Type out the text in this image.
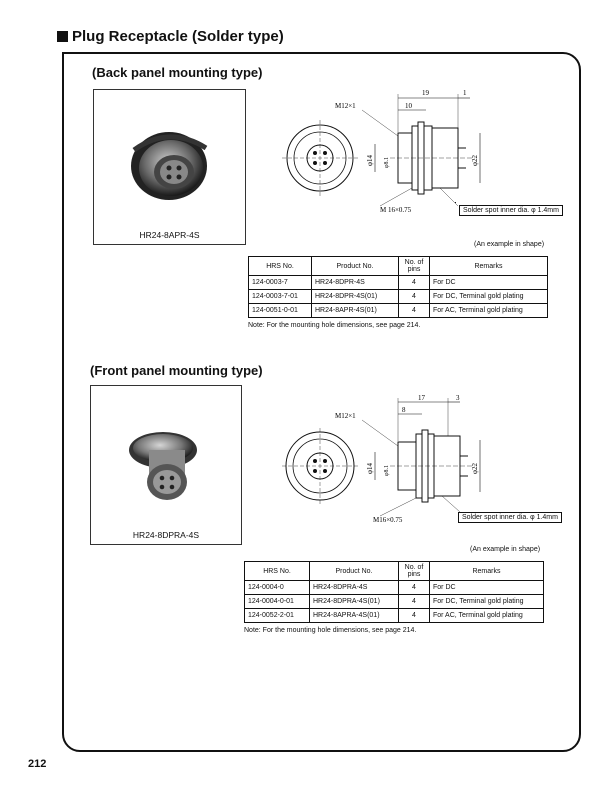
Plug Receptacle (Solder type)
(Back panel mounting type)
HR24-8APR-4S
19	1
10
M12×1
M 16×0.75
φ14 φ8.1	φ22
Solder spot inner dia. φ 1.4mm
(An example in shape)
HRS No.	Product No.	No. of pins	Remarks
124-0003-7	HR24-8DPR-4S	4	For DC
124-0003-7-01	HR24-8DPR-4S(01)	4	For DC, Terminal gold plating
124-0051-0-01	HR24-8APR-4S(01)	4	For AC, Terminal gold plating
Note: For the mounting hole dimensions, see page 214.
(Front panel mounting type)
HR24-8DPRA-4S
17	3
8
M12×1
M16×0.75
φ14 φ8.1	φ22
Solder spot inner dia. φ 1.4mm
(An example in shape)
HRS No.	Product No.	No. of pins	Remarks
124-0004-0	HR24-8DPRA-4S	4	For DC
124-0004-0-01	HR24-8DPRA-4S(01)	4	For DC, Terminal gold plating
124-0052-2-01	HR24-8APRA-4S(01)	4	For AC, Terminal gold plating
Note: For the mounting hole dimensions, see page 214.
212
